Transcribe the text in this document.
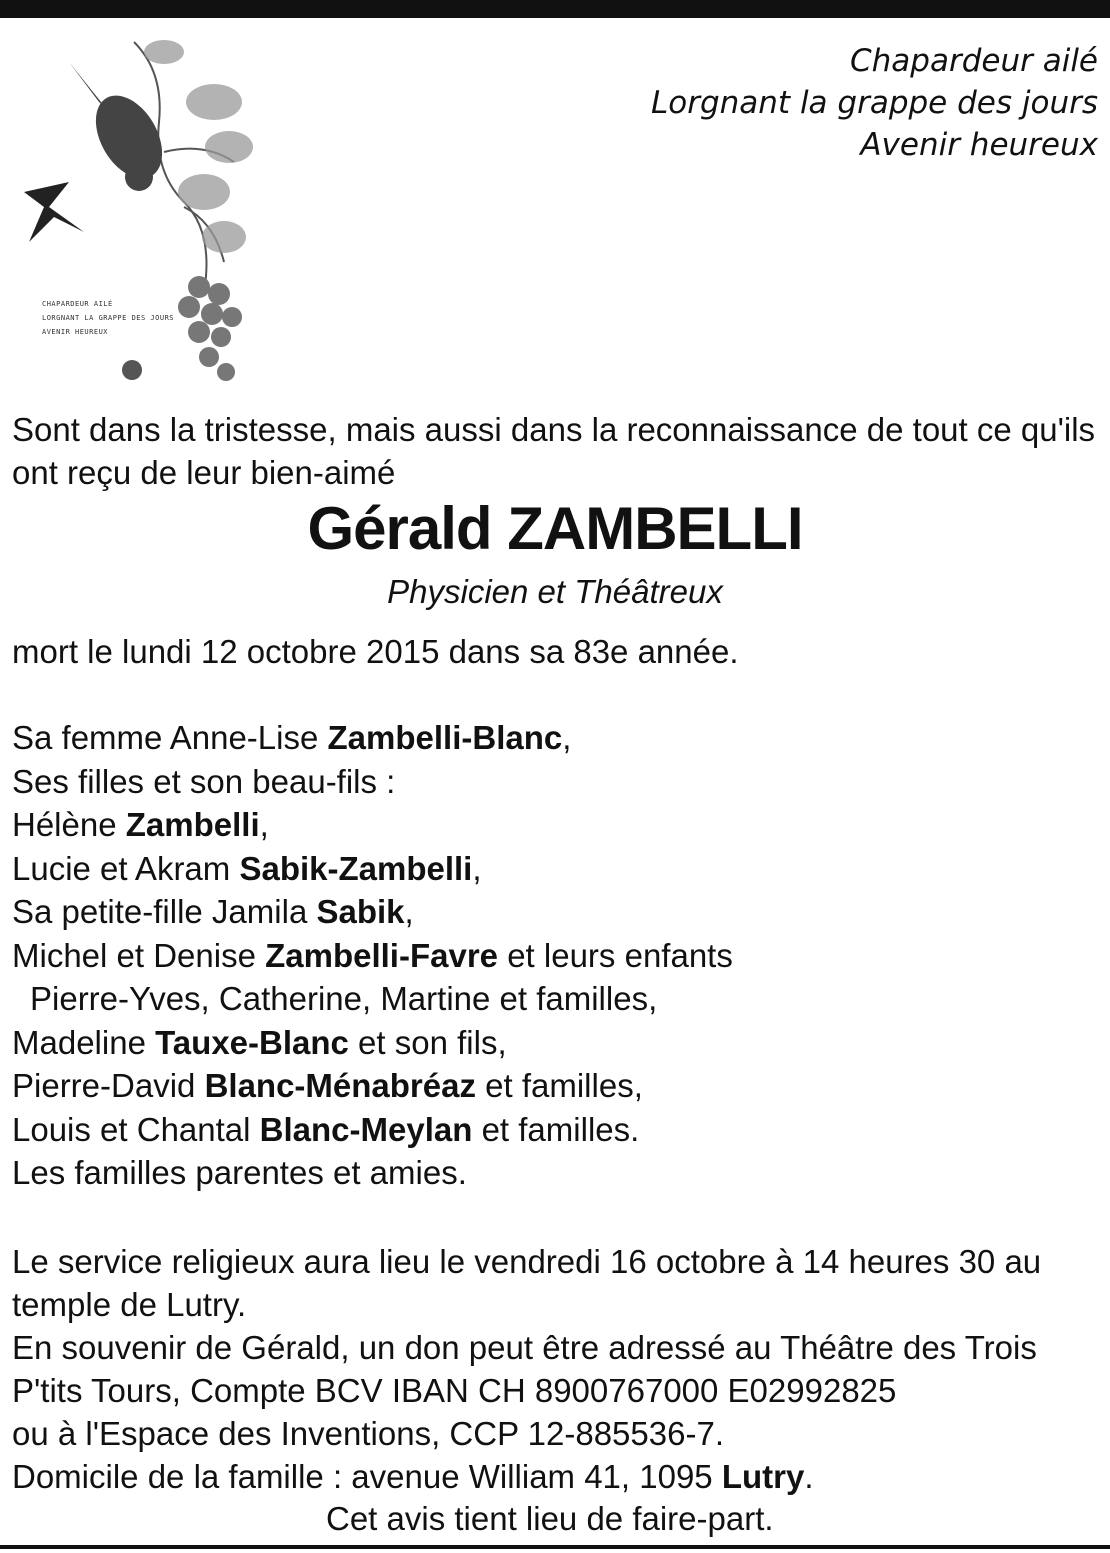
CHAPARDEUR AILÉ
LORGNANT LA GRAPPE DES JOURS
AVENIR HEUREUX
Chapardeur ailé
Lorgnant la grappe des jours
Avenir heureux
Sont dans la tristesse, mais aussi dans la reconnaissance de tout ce qu'ils
ont reçu de leur bien-aimé
Gérald ZAMBELLI
Physicien et Théâtreux
mort le lundi 12 octobre 2015 dans sa 83e année.
Sa femme Anne-Lise Zambelli-Blanc,
Ses filles et son beau-fils :
Hélène Zambelli,
Lucie et Akram Sabik-Zambelli,
Sa petite-fille Jamila Sabik,
Michel et Denise Zambelli-Favre et leurs enfants
Pierre-Yves, Catherine, Martine et familles,
Madeline Tauxe-Blanc et son fils,
Pierre-David Blanc-Ménabréaz et familles,
Louis et Chantal Blanc-Meylan et familles.
Les familles parentes et amies.
Le service religieux aura lieu le vendredi 16 octobre à 14 heures 30 au
temple de Lutry.
En souvenir de Gérald, un don peut être adressé au Théâtre des Trois
P'tits Tours, Compte BCV IBAN CH 8900767000 E02992825
ou à l'Espace des Inventions, CCP 12-885536-7.
Domicile de la famille : avenue William 41, 1095 Lutry.
Cet avis tient lieu de faire-part.
